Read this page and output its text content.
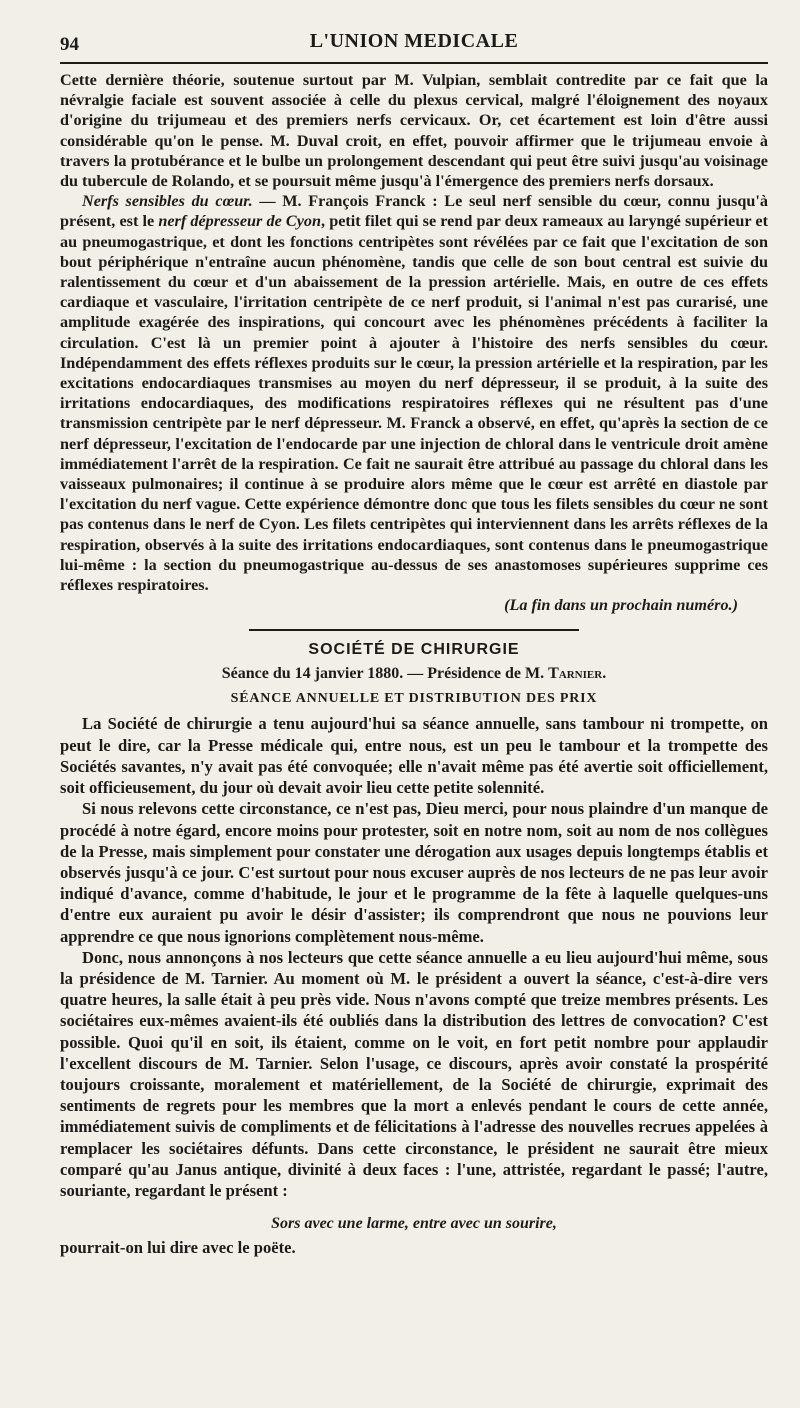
94	L'UNION MEDICALE

Cette dernière théorie, soutenue surtout par M. Vulpian, semblait contredite par ce fait que la névralgie faciale est souvent associée à celle du plexus cervical, malgré l'éloignement des noyaux d'origine du trijumeau et des premiers nerfs cervicaux. Or, cet écartement est loin d'être aussi considérable qu'on le pense. M. Duval croit, en effet, pouvoir affirmer que le trijumeau envoie à travers la protubérance et le bulbe un prolongement descendant qui peut être suivi jusqu'au voisinage du tubercule de Rolando, et se poursuit même jusqu'à l'émergence des premiers nerfs dorsaux.

Nerfs sensibles du cœur. — M. François Franck : Le seul nerf sensible du cœur, connu jusqu'à présent, est le nerf dépresseur de Cyon, petit filet qui se rend par deux rameaux au laryngé supérieur et au pneumogastrique, et dont les fonctions centripètes sont révélées par ce fait que l'excitation de son bout périphérique n'entraîne aucun phénomène, tandis que celle de son bout central est suivie du ralentissement du cœur et d'un abaissement de la pression artérielle. Mais, en outre de ces effets cardiaque et vasculaire, l'irritation centripète de ce nerf produit, si l'animal n'est pas curarisé, une amplitude exagérée des inspirations, qui concourt avec les phénomènes précédents à faciliter la circulation. C'est là un premier point à ajouter à l'histoire des nerfs sensibles du cœur. Indépendamment des effets réflexes produits sur le cœur, la pression artérielle et la respiration, par les excitations endocardiaques transmises au moyen du nerf dépresseur, il se produit, à la suite des irritations endocardiaques, des modifications respiratoires réflexes qui ne résultent pas d'une transmission centripète par le nerf dépresseur. M. Franck a observé, en effet, qu'après la section de ce nerf dépresseur, l'excitation de l'endocarde par une injection de chloral dans le ventricule droit amène immédiatement l'arrêt de la respiration. Ce fait ne saurait être attribué au passage du chloral dans les vaisseaux pulmonaires; il continue à se produire alors même que le cœur est arrêté en diastole par l'excitation du nerf vague. Cette expérience démontre donc que tous les filets sensibles du cœur ne sont pas contenus dans le nerf de Cyon. Les filets centripètes qui interviennent dans les arrêts réflexes de la respiration, observés à la suite des irritations endocardiaques, sont contenus dans le pneumogastrique lui-même : la section du pneumogastrique au-dessus de ses anastomoses supérieures supprime ces réflexes respiratoires.

(La fin dans un prochain numéro.)

SOCIÉTÉ DE CHIRURGIE
Séance du 14 janvier 1880. — Présidence de M. Tarnier.
SÉANCE ANNUELLE ET DISTRIBUTION DES PRIX

La Société de chirurgie a tenu aujourd'hui sa séance annuelle, sans tambour ni trompette, on peut le dire, car la Presse médicale qui, entre nous, est un peu le tambour et la trompette des Sociétés savantes, n'y avait pas été convoquée; elle n'avait même pas été avertie soit officiellement, soit officieusement, du jour où devait avoir lieu cette petite solennité.

Si nous relevons cette circonstance, ce n'est pas, Dieu merci, pour nous plaindre d'un manque de procédé à notre égard, encore moins pour protester, soit en notre nom, soit au nom de nos collègues de la Presse, mais simplement pour constater une dérogation aux usages depuis longtemps établis et observés jusqu'à ce jour. C'est surtout pour nous excuser auprès de nos lecteurs de ne pas leur avoir indiqué d'avance, comme d'habitude, le jour et le programme de la fête à laquelle quelques-uns d'entre eux auraient pu avoir le désir d'assister; ils comprendront que nous ne pouvions leur apprendre ce que nous ignorions complètement nous-même.

Donc, nous annonçons à nos lecteurs que cette séance annuelle a eu lieu aujourd'hui même, sous la présidence de M. Tarnier. Au moment où M. le président a ouvert la séance, c'est-à-dire vers quatre heures, la salle était à peu près vide. Nous n'avons compté que treize membres présents. Les sociétaires eux-mêmes avaient-ils été oubliés dans la distribution des lettres de convocation? C'est possible. Quoi qu'il en soit, ils étaient, comme on le voit, en fort petit nombre pour applaudir l'excellent discours de M. Tarnier. Selon l'usage, ce discours, après avoir constaté la prospérité toujours croissante, moralement et matériellement, de la Société de chirurgie, exprimait des sentiments de regrets pour les membres que la mort a enlevés pendant le cours de cette année, immédiatement suivis de compliments et de félicitations à l'adresse des nouvelles recrues appelées à remplacer les sociétaires défunts. Dans cette circonstance, le président ne saurait être mieux comparé qu'au Janus antique, divinité à deux faces : l'une, attristée, regardant le passé; l'autre, souriante, regardant le présent :

Sors avec une larme, entre avec un sourire,

pourrait-on lui dire avec le poëte.
